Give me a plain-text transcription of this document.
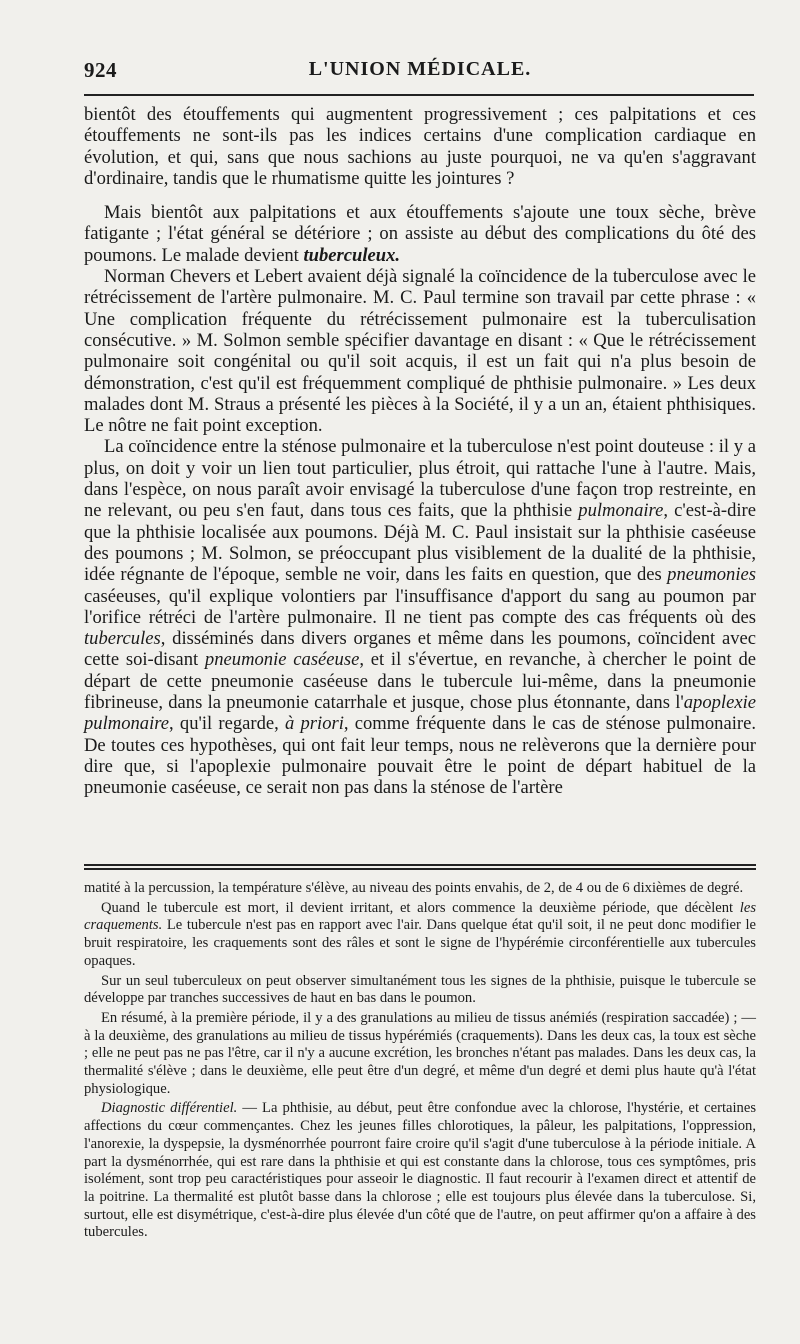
924	L'UNION MÉDICALE.

bientôt des étouffements qui augmentent progressivement ; ces palpitations et ces étouffements ne sont-ils pas les indices certains d'une complication cardiaque en évolution, et qui, sans que nous sachions au juste pourquoi, ne va qu'en s'aggravant d'ordinaire, tandis que le rhumatisme quitte les jointures ?

Mais bientôt aux palpitations et aux étouffements s'ajoute une toux sèche, brève fatigante ; l'état général se détériore ; on assiste au début des complications du ôté des poumons. Le malade devient tuberculeux.

Norman Chevers et Lebert avaient déjà signalé la coïncidence de la tuberculose avec le rétrécissement de l'artère pulmonaire. M. C. Paul termine son travail par cette phrase : « Une complication fréquente du rétrécissement pulmonaire est la tuberculisation consécutive. » M. Solmon semble spécifier davantage en disant : « Que le rétrécissement pulmonaire soit congénital ou qu'il soit acquis, il est un fait qui n'a plus besoin de démonstration, c'est qu'il est fréquemment compliqué de phthisie pulmonaire. » Les deux malades dont M. Straus a présenté les pièces à la Société, il y a un an, étaient phthisiques. Le nôtre ne fait point exception.

La coïncidence entre la sténose pulmonaire et la tuberculose n'est point douteuse : il y a plus, on doit y voir un lien tout particulier, plus étroit, qui rattache l'une à l'autre. Mais, dans l'espèce, on nous paraît avoir envisagé la tuberculose d'une façon trop restreinte, en ne relevant, ou peu s'en faut, dans tous ces faits, que la phthisie pulmonaire, c'est-à-dire que la phthisie localisée aux poumons. Déjà M. C. Paul insistait sur la phthisie caséeuse des poumons ; M. Solmon, se préoccupant plus visiblement de la dualité de la phthisie, idée régnante de l'époque, semble ne voir, dans les faits en question, que des pneumonies caséeuses, qu'il explique volontiers par l'insuffisance d'apport du sang au poumon par l'orifice rétréci de l'artère pulmonaire. Il ne tient pas compte des cas fréquents où des tubercules, disséminés dans divers organes et même dans les poumons, coïncident avec cette soi-disant pneumonie caséeuse, et il s'évertue, en revanche, à chercher le point de départ de cette pneumonie caséeuse dans le tubercule lui-même, dans la pneumonie fibrineuse, dans la pneumonie catarrhale et jusque, chose plus étonnante, dans l'apoplexie pulmonaire, qu'il regarde, à priori, comme fréquente dans le cas de sténose pulmonaire. De toutes ces hypothèses, qui ont fait leur temps, nous ne relèverons que la dernière pour dire que, si l'apoplexie pulmonaire pouvait être le point de départ habituel de la pneumonie caséeuse, ce serait non pas dans la sténose de l'artère

matité à la percussion, la température s'élève, au niveau des points envahis, de 2, de 4 ou de 6 dixièmes de degré.

Quand le tubercule est mort, il devient irritant, et alors commence la deuxième période, que décèlent les craquements. Le tubercule n'est pas en rapport avec l'air. Dans quelque état qu'il soit, il ne peut donc modifier le bruit respiratoire, les craquements sont des râles et sont le signe de l'hypérémie circonférentielle aux tubercules opaques.

Sur un seul tuberculeux on peut observer simultanément tous les signes de la phthisie, puisque le tubercule se développe par tranches successives de haut en bas dans le poumon.

En résumé, à la première période, il y a des granulations au milieu de tissus anémiés (respiration saccadée) ; — à la deuxième, des granulations au milieu de tissus hypérémiés (craquements). Dans les deux cas, la toux est sèche ; elle ne peut pas ne pas l'être, car il n'y a aucune excrétion, les bronches n'étant pas malades. Dans les deux cas, la thermalité s'élève ; dans le deuxième, elle peut être d'un degré, et même d'un degré et demi plus haute qu'à l'état physiologique.

Diagnostic différentiel. — La phthisie, au début, peut être confondue avec la chlorose, l'hystérie, et certaines affections du cœur commençantes. Chez les jeunes filles chlorotiques, la pâleur, les palpitations, l'oppression, l'anorexie, la dyspepsie, la dysménorrhée pourront faire croire qu'il s'agit d'une tuberculose à la période initiale. A part la dysménorrhée, qui est rare dans la phthisie et qui est constante dans la chlorose, tous ces symptômes, pris isolément, sont trop peu caractéristiques pour asseoir le diagnostic. Il faut recourir à l'examen direct et attentif de la poitrine. La thermalité est plutôt basse dans la chlorose ; elle est toujours plus élevée dans la tuberculose. Si, surtout, elle est disymétrique, c'est-à-dire plus élevée d'un côté que de l'autre, on peut affirmer qu'on a affaire à des tubercules.
